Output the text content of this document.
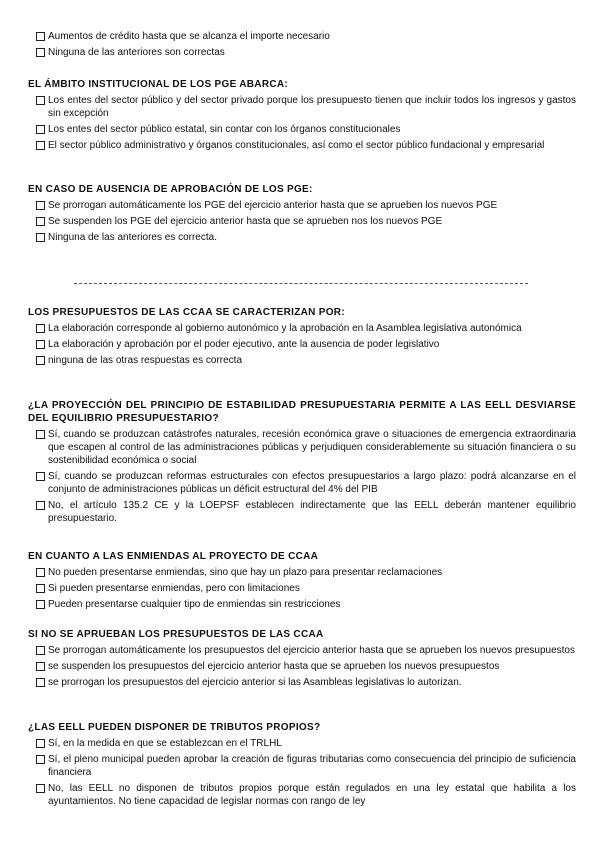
Aumentos de crédito hasta que se alcanza el importe necesario
Ninguna de las anteriores son correctas

EL ÁMBITO INSTITUCIONAL DE LOS PGE ABARCA:

Los entes del sector público y del sector privado porque los presupuesto tienen que incluir todos los ingresos y gastos sin excepción
Los entes del sector público estatal, sin contar con los órganos constitucionales
El sector público administrativo y órganos constitucionales, así como el sector público fundacional y empresarial

EN CASO DE AUSENCIA DE APROBACIÓN DE LOS PGE:

Se prorrogan automáticamente los PGE del ejercicio anterior hasta que se aprueben los nuevos PGE
Se suspenden los PGE del ejercicio anterior hasta que se aprueben nos los nuevos PGE
Ninguna de las anteriores es correcta.

LOS PRESUPUESTOS DE LAS CCAA SE CARACTERIZAN POR:

La elaboración corresponde al gobierno autonómico y la aprobación en la Asamblea legislativa autonómica
La elaboración y aprobación por el poder ejecutivo, ante la ausencia de poder legislativo
ninguna de las otras respuestas es correcta

¿LA PROYECCIÓN DEL PRINCIPIO DE ESTABILIDAD PRESUPUESTARIA PERMITE A LAS EELL DESVIARSE DEL EQUILIBRIO PRESUPUESTARIO?

Sí, cuando se produzcan catástrofes naturales, recesión económica grave o situaciones de emergencia extraordinaria que escapen al control de las administraciones públicas y perjudiquen considerablemente su situación financiera o su sostenibilidad económica o social
Sí, cuando se produzcan reformas estructurales con efectos presupuestarios a largo plazo: podrá alcanzarse en el conjunto de administraciones públicas un déficit estructural del 4% del PIB
No, el artículo 135.2 CE y la LOEPSF establecen indirectamente que las EELL deberán mantener equilibrio presupuestario.

EN CUANTO A LAS ENMIENDAS AL PROYECTO DE CCAA

No pueden presentarse enmiendas, sino que hay un plazo para presentar reclamaciones
Si pueden presentarse enmiendas, pero con limitaciones
Pueden presentarse cualquier tipo de enmiendas sin restricciones

SI NO SE APRUEBAN LOS PRESUPUESTOS DE LAS CCAA

Se prorrogan automáticamente los presupuestos del ejercicio anterior hasta que se aprueben los nuevos presupuestos
se suspenden los presupuestos del ejercicio anterior hasta que se aprueben los nuevos presupuestos
se prorrogan los presupuestos del ejercicio anterior si las Asambleas legislativas lo autorizan.

¿LAS EELL PUEDEN DISPONER DE TRIBUTOS PROPIOS?

Sí, en la medida en que se establezcan en el TRLHL
Sí, el pleno municipal pueden aprobar la creación de figuras tributarias como consecuencia del principio de suficiencia financiera
No, las EELL no disponen de tributos propios porque están regulados en una ley estatal que habilita a los ayuntamientos. No tiene capacidad de legislar normas con rango de ley
